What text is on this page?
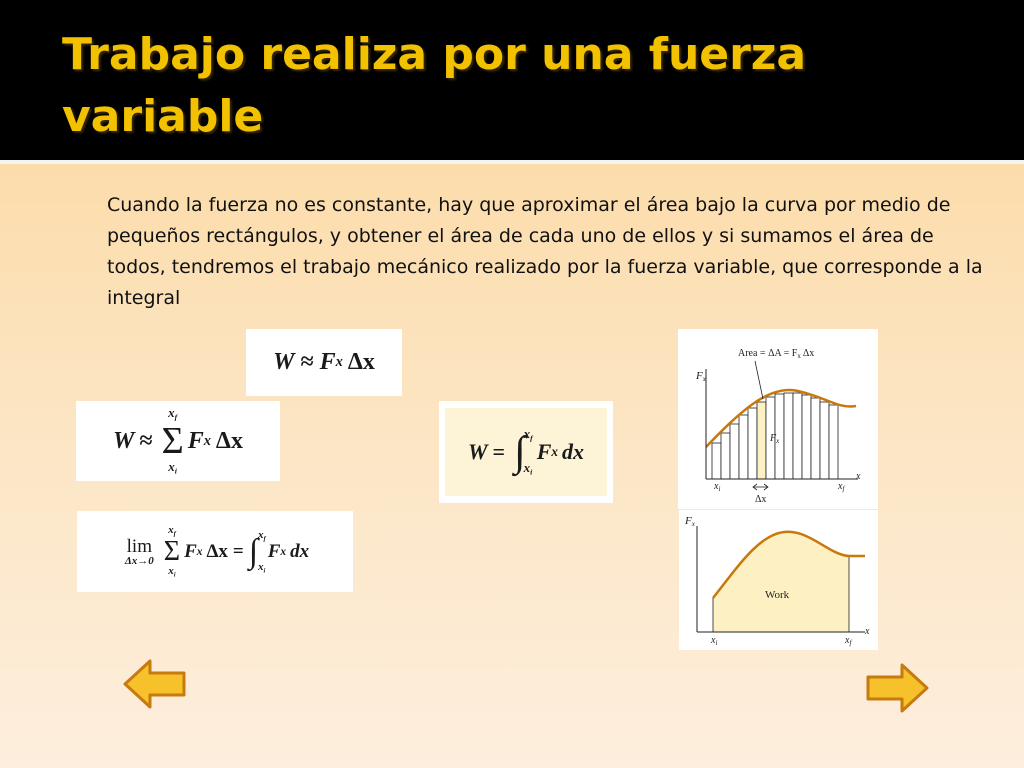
Trabajo realiza por una fuerza variable

Cuando la fuerza no es constante, hay que aproximar el área bajo la curva por medio de pequeños rectángulos, y obtener el área de cada uno de ellos y si sumamos el área de todos, tendremos el trabajo mecánico realizado por la fuerza variable, que corresponde a la integral

W ≈ F x Δx
W ≈
$x_f$
Σ
$x_i$
F x Δx	W = ∫
$x_f$
$x_i$
F x dx
lim
Δx→0
$x_f$
Σ
$x_i$
F x Δx = ∫ $x_f$
$x_i$
F x dx
Area = $\Delta A = F_x$ Δx
Fx
$F_x$
x
$x_i$	$x_f$
Δx
Fx
Work
x
$x_i$	$x_f$
